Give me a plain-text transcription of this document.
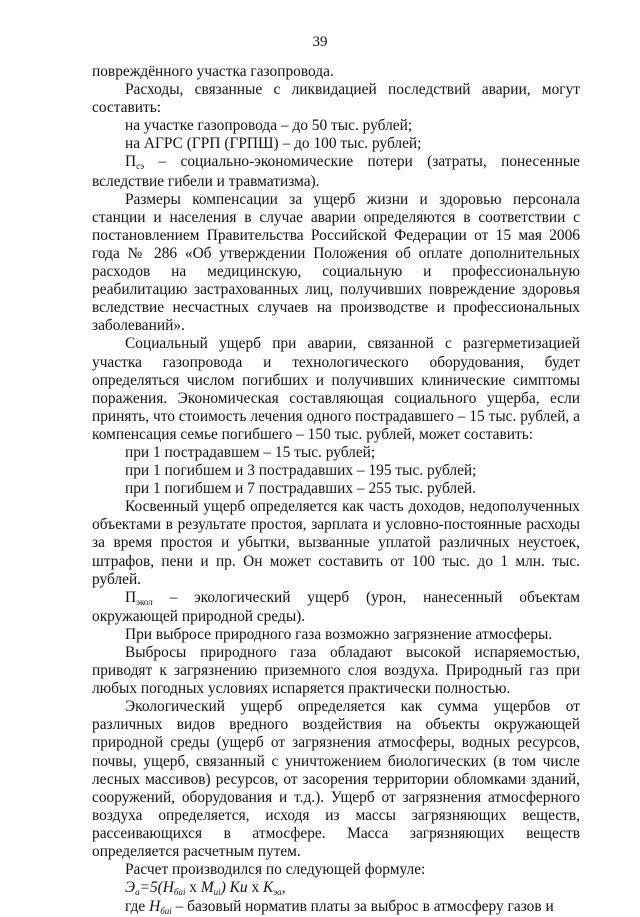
39

повреждённого участка газопровода.

Расходы, связанные с ликвидацией последствий аварии, могут составить:

на участке газопровода – до 50 тыс. рублей;

на АГРС (ГРП (ГРПШ) – до 100 тыс. рублей;

Псэ – социально-экономические потери (затраты, понесенные вследствие гибели и травматизма).

Размеры компенсации за ущерб жизни и здоровью персонала станции и населения в случае аварии определяются в соответствии с постановлением Правительства Российской Федерации от 15 мая 2006 года № 286 «Об утверждении Положения об оплате дополнительных расходов на медицинскую, социальную и профессиональную реабилитацию застрахованных лиц, получивших повреждение здоровья вследствие несчастных случаев на производстве и профессиональных заболеваний».

Социальный ущерб при аварии, связанной с разгерметизацией участка газопровода и технологического оборудования, будет определяться числом погибших и получивших клинические симптомы поражения. Экономическая составляющая социального ущерба, если принять, что стоимость лечения одного пострадавшего – 15 тыс. рублей, а компенсация семье погибшего – 150 тыс. рублей, может составить:

при 1 пострадавшем – 15 тыс. рублей;

при 1 погибшем и 3 пострадавших – 195 тыс. рублей;

при 1 погибшем и 7 пострадавших – 255 тыс. рублей.

Косвенный ущерб определяется как часть доходов, недополученных объектами в результате простоя, зарплата и условно-постоянные расходы за время простоя и убытки, вызванные уплатой различных неустоек, штрафов, пени и пр. Он может составить от 100 тыс. до 1 млн. тыс. рублей.

Пэкол – экологический ущерб (урон, нанесенный объектам окружающей природной среды).

При выбросе природного газа возможно загрязнение атмосферы.

Выбросы природного газа обладают высокой испаряемостью, приводят к загрязнению приземного слоя воздуха. Природный газ при любых погодных условиях испаряется практически полностью.

Экологический ущерб определяется как сумма ущербов от различных видов вредного воздействия на объекты окружающей природной среды (ущерб от загрязнения атмосферы, водных ресурсов, почвы, ущерб, связанный с уничтожением биологических (в том числе лесных массивов) ресурсов, от засорения территории обломками зданий, сооружений, оборудования и т.д.). Ущерб от загрязнения атмосферного воздуха определяется, исходя из массы загрязняющих веществ, рассеивающихся в атмосфере. Масса загрязняющих веществ определяется расчетным путем.

Расчет производился по следующей формуле:

Эа=5(Нбаi x Миi) Ки x Кэа,

где Нбаi – базовый норматив платы за выброс в атмосферу газов и
